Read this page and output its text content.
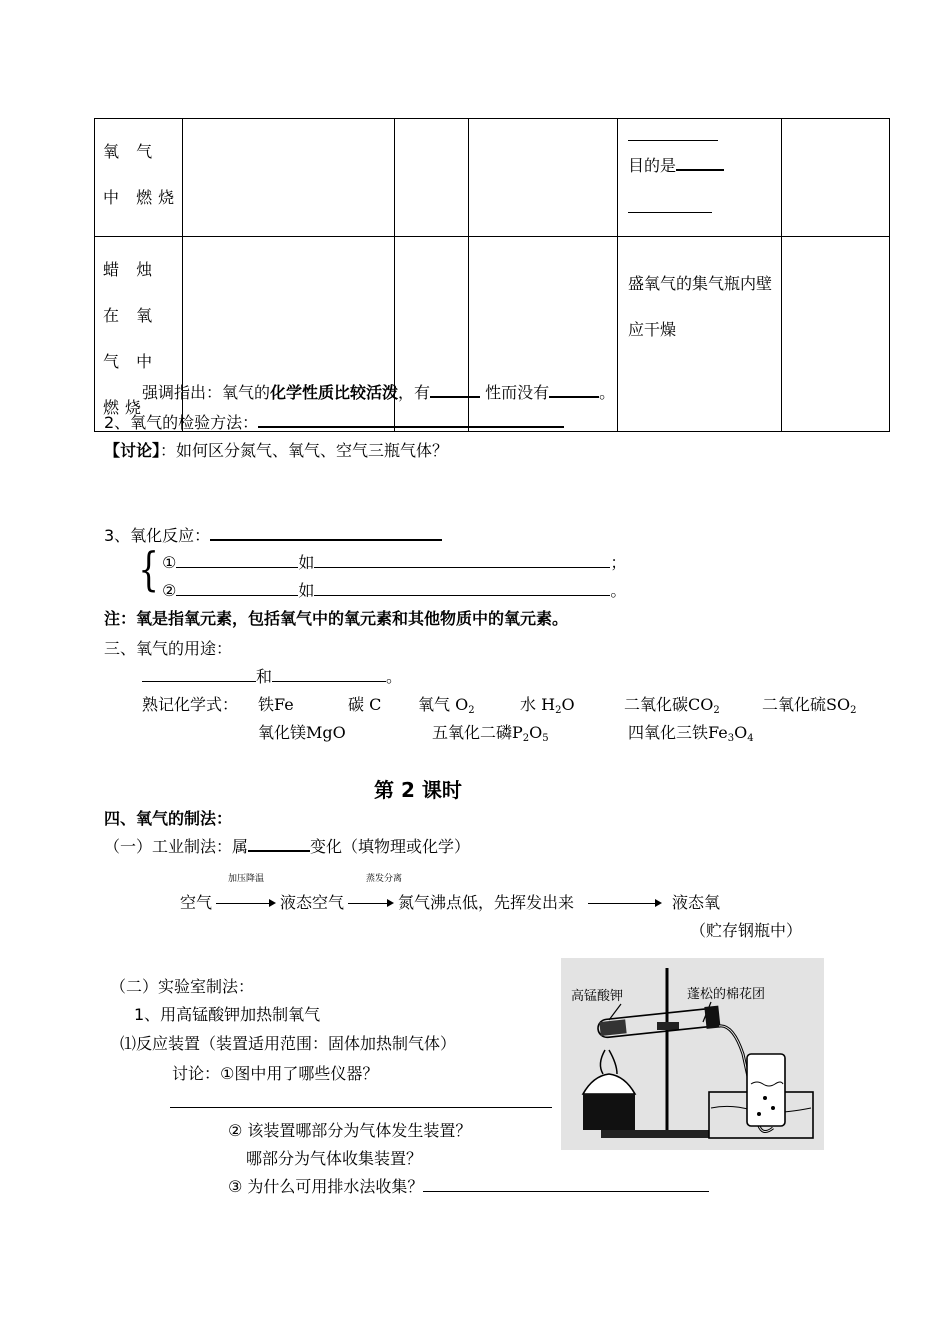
氧 气 中 燃烧				目的是	

蜡 烛 在 氧 气 中 燃烧				盛氧气的集气瓶内壁应干燥	

强调指出：氧气的化学性质比较活泼，有	性而没有	。
2、氧气的检验方法：
【讨论】：如何区分氮气、氧气、空气三瓶气体？
3、氧化反应：
{ ①	如	；
②	如	。
注：氧是指氧元素，包括氧气中的氧元素和其他物质中的氧元素。
三、氧气的用途：
和	。
熟记化学式： 铁Fe	碳 C 氧气 $O_2$	水 $H_2O$	二氧化碳$CO_2$	二氧化硫$SO_2$
氧化镁MgO	五氧化二磷$P_2O_5$	四氧化三铁$Fe_3O_4$
第 2 课时
四、氧气的制法：
（一）工业制法：属	变化（填物理或化学）
加压降温	蒸发分离
空气	液态空气	氮气沸点低，先挥发出来	液态氧
（贮存钢瓶中）
（二）实验室制法：
1、用高锰酸钾加热制氧气
⑴反应装置（装置适用范围：固体加热制气体）
讨论：①图中用了哪些仪器？
② 该装置哪部分为气体发生装置？
哪部分为气体收集装置？
③ 为什么可用排水法收集？
高锰酸钾	蓬松的棉花团
